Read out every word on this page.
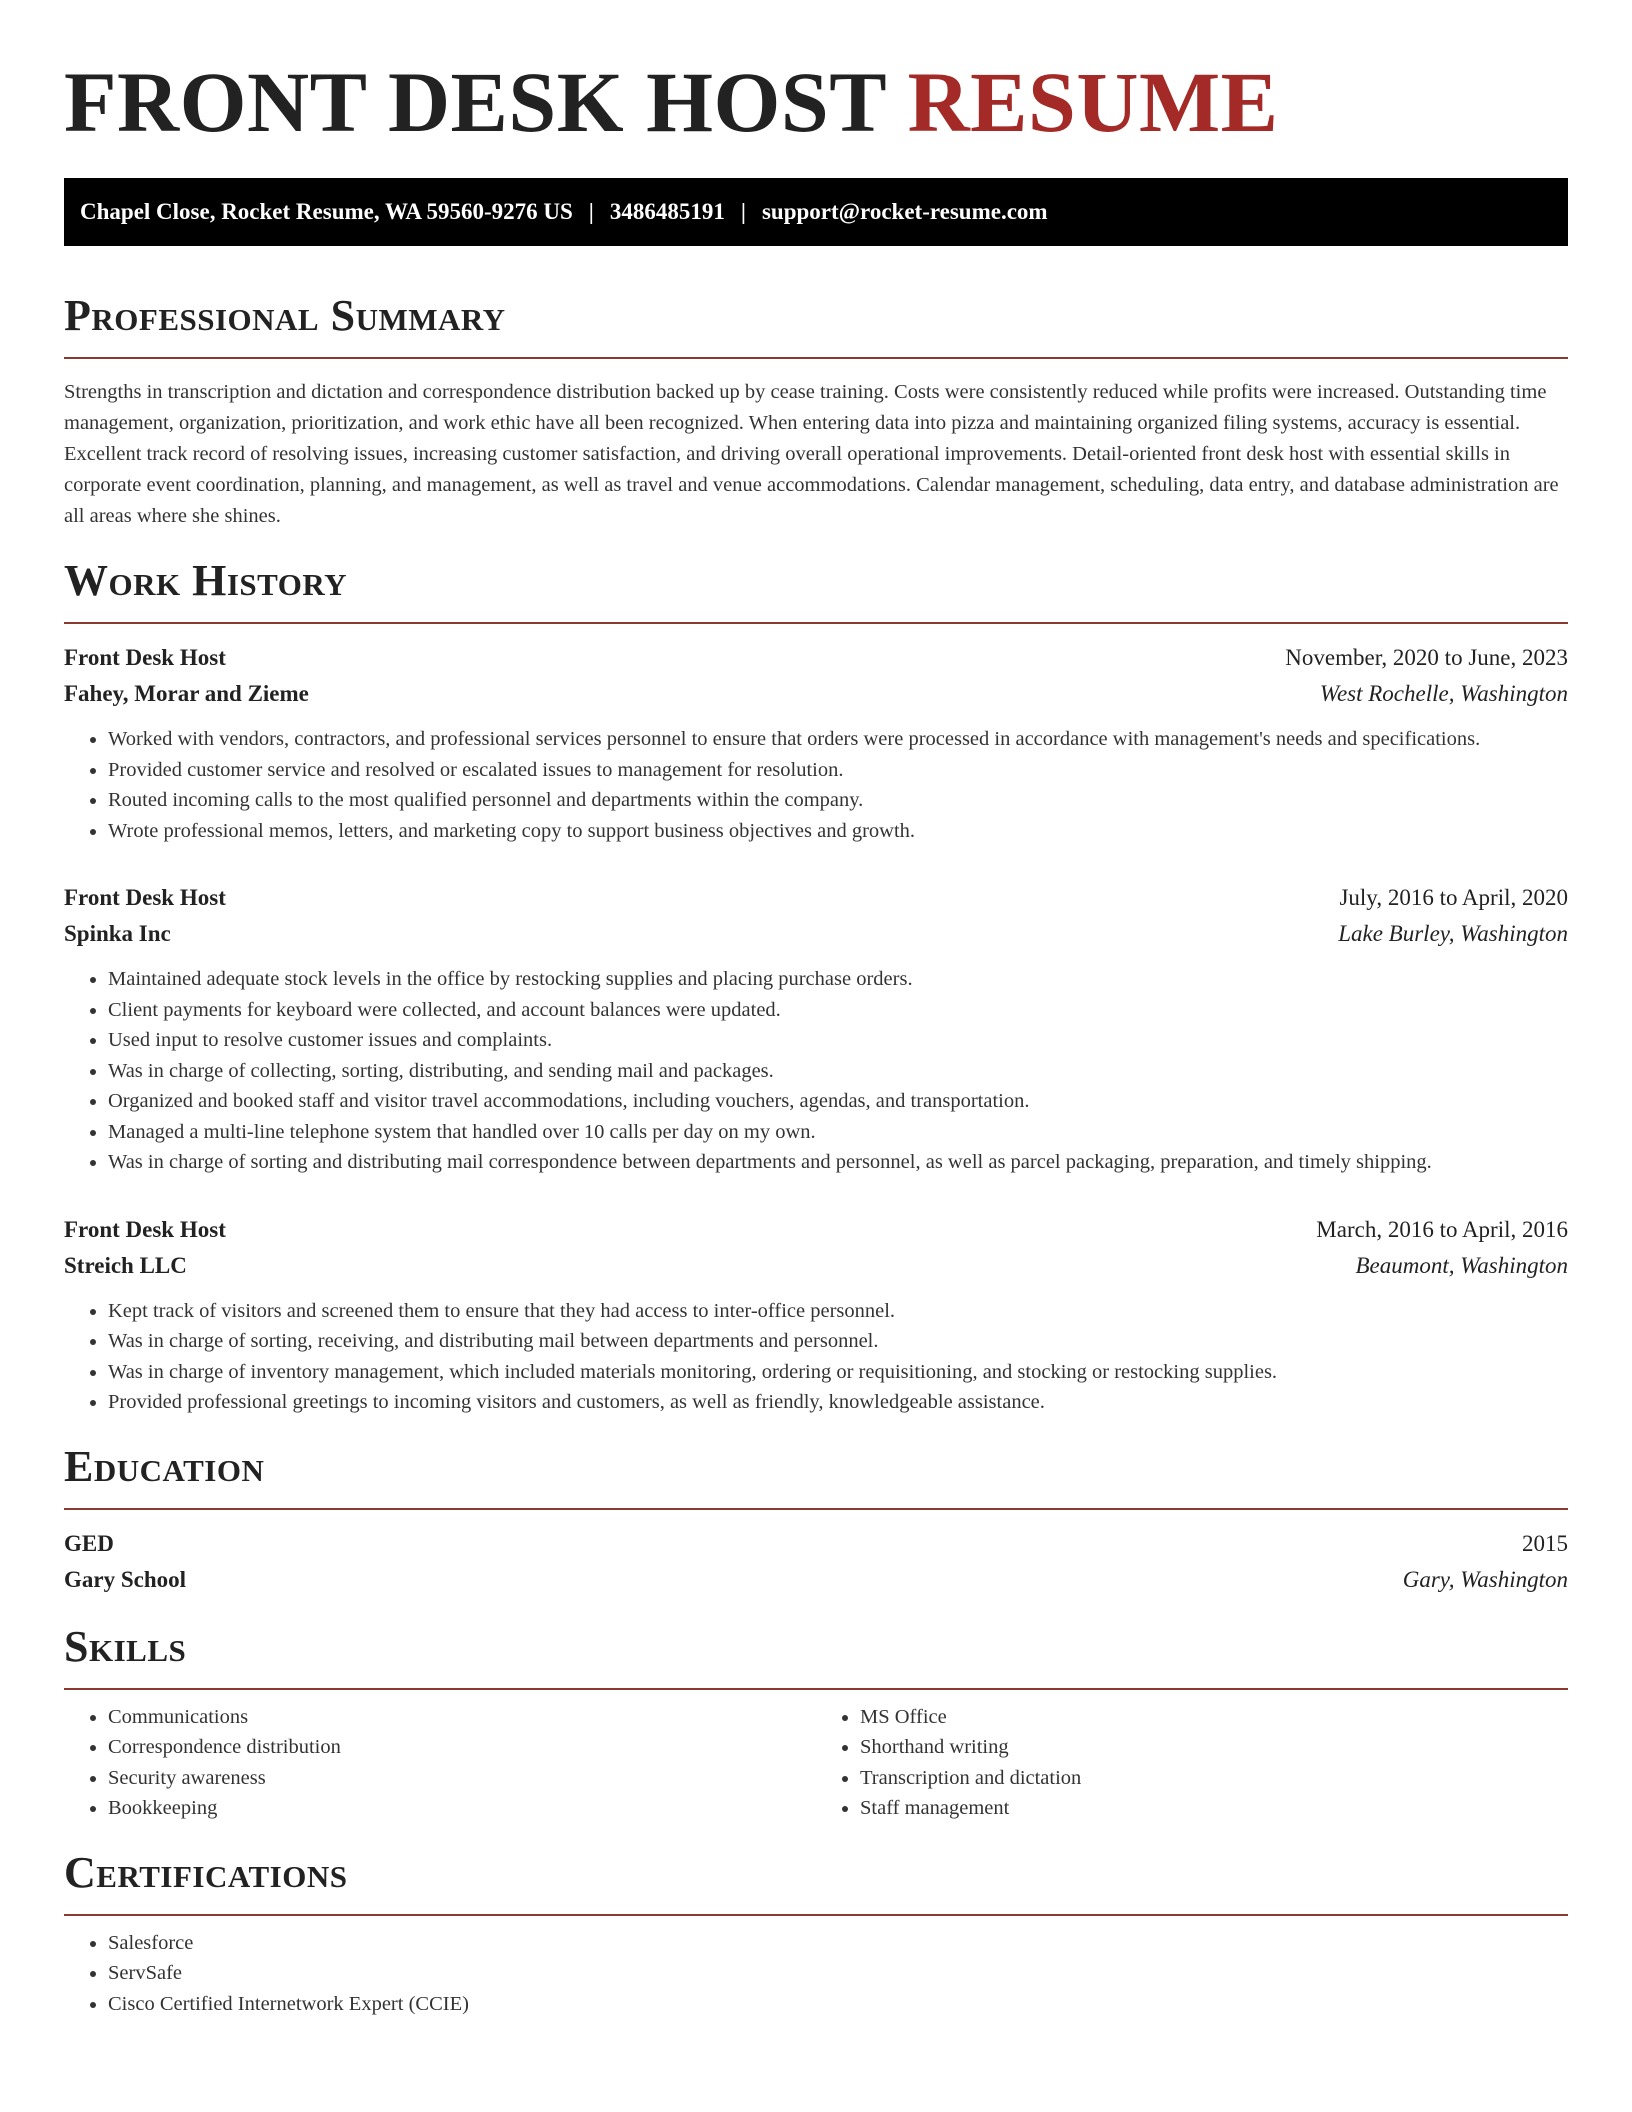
FRONT DESK HOST RESUME
Chapel Close, Rocket Resume, WA 59560-9276 US | 3486485191 | support@rocket-resume.com
Professional Summary

Strengths in transcription and dictation and correspondence distribution backed up by cease training. Costs were consistently reduced while profits were increased. Outstanding time management, organization, prioritization, and work ethic have all been recognized. When entering data into pizza and maintaining organized filing systems, accuracy is essential. Excellent track record of resolving issues, increasing customer satisfaction, and driving overall operational improvements. Detail-oriented front desk host with essential skills in corporate event coordination, planning, and management, as well as travel and venue accommodations. Calendar management, scheduling, data entry, and database administration are all areas where she shines.

Work History
Front Desk Host	November, 2020 to June, 2023
Fahey, Morar and Zieme	West Rochelle, Washington
• Worked with vendors, contractors, and professional services personnel to ensure that orders were processed in accordance with management's needs and specifications.
• Provided customer service and resolved or escalated issues to management for resolution.
• Routed incoming calls to the most qualified personnel and departments within the company.
• Wrote professional memos, letters, and marketing copy to support business objectives and growth.
Front Desk Host	July, 2016 to April, 2020
Spinka Inc	Lake Burley, Washington
• Maintained adequate stock levels in the office by restocking supplies and placing purchase orders.
• Client payments for keyboard were collected, and account balances were updated.
• Used input to resolve customer issues and complaints.
• Was in charge of collecting, sorting, distributing, and sending mail and packages.
• Organized and booked staff and visitor travel accommodations, including vouchers, agendas, and transportation.
• Managed a multi-line telephone system that handled over 10 calls per day on my own.
• Was in charge of sorting and distributing mail correspondence between departments and personnel, as well as parcel packaging, preparation, and timely shipping.
Front Desk Host	March, 2016 to April, 2016
Streich LLC	Beaumont, Washington
• Kept track of visitors and screened them to ensure that they had access to inter-office personnel.
• Was in charge of sorting, receiving, and distributing mail between departments and personnel.
• Was in charge of inventory management, which included materials monitoring, ordering or requisitioning, and stocking or restocking supplies.
• Provided professional greetings to incoming visitors and customers, as well as friendly, knowledgeable assistance.
Education
GED	2015
Gary School	Gary, Washington
Skills
• Communications
• Correspondence distribution
• Security awareness
• Bookkeeping
• MS Office
• Shorthand writing
• Transcription and dictation
• Staff management
Certifications
• Salesforce
• ServSafe
• Cisco Certified Internetwork Expert (CCIE)
